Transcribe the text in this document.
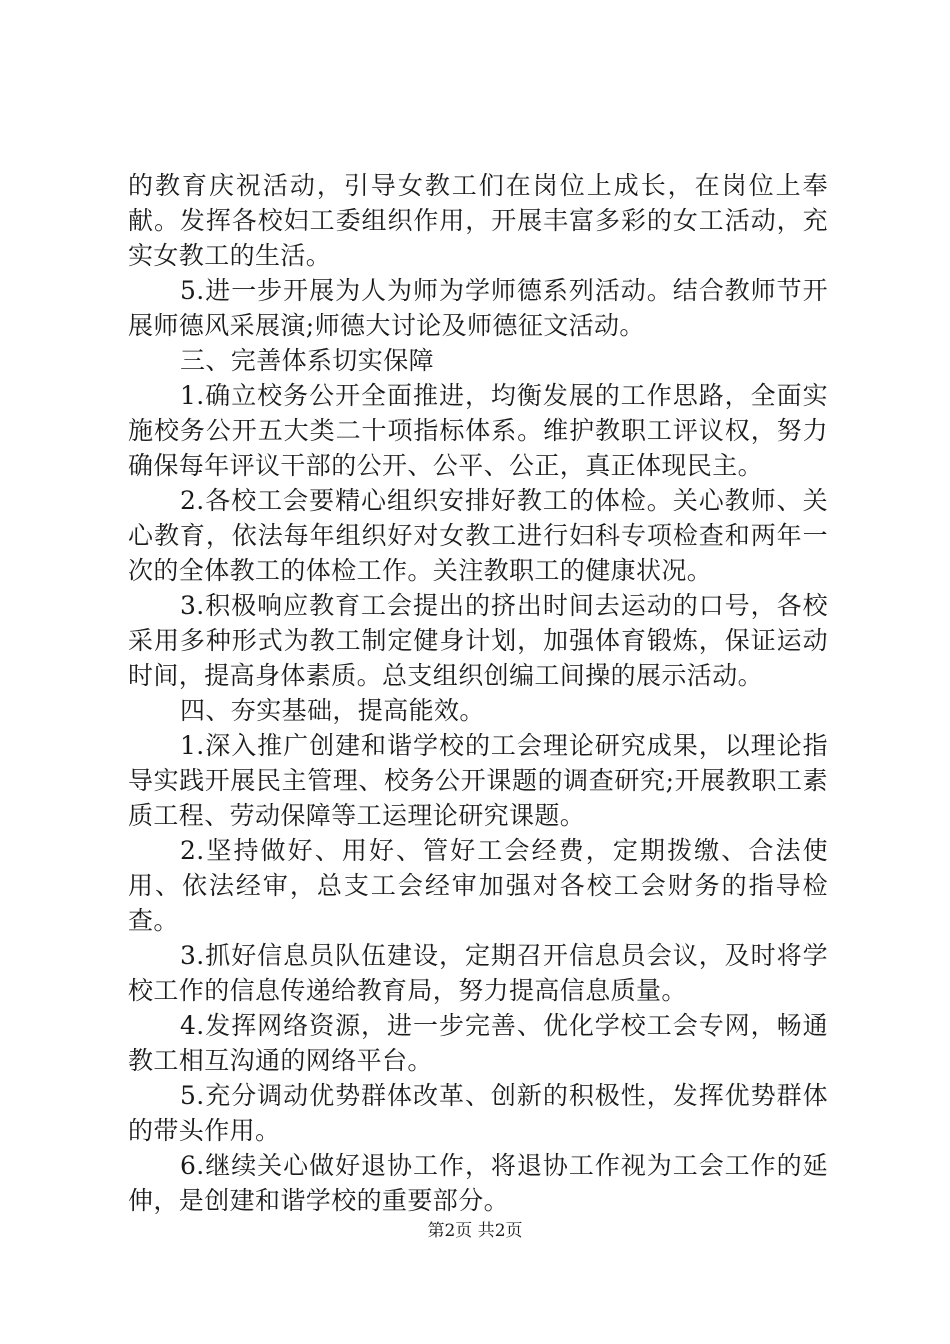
的教育庆祝活动，引导女教工们在岗位上成长，在岗位上奉献。发挥各校妇工委组织作用，开展丰富多彩的女工活动，充实女教工的生活。

5.进一步开展为人为师为学师德系列活动。结合教师节开展师德风采展演;师德大讨论及师德征文活动。

三、完善体系切实保障

1.确立校务公开全面推进，均衡发展的工作思路，全面实施校务公开五大类二十项指标体系。维护教职工评议权，努力确保每年评议干部的公开、公平、公正，真正体现民主。

2.各校工会要精心组织安排好教工的体检。关心教师、关心教育，依法每年组织好对女教工进行妇科专项检查和两年一次的全体教工的体检工作。关注教职工的健康状况。

3.积极响应教育工会提出的挤出时间去运动的口号，各校采用多种形式为教工制定健身计划，加强体育锻炼，保证运动时间，提高身体素质。总支组织创编工间操的展示活动。

四、夯实基础，提高能效。

1.深入推广创建和谐学校的工会理论研究成果，以理论指导实践开展民主管理、校务公开课题的调查研究;开展教职工素质工程、劳动保障等工运理论研究课题。

2.坚持做好、用好、管好工会经费，定期拨缴、合法使用、依法经审，总支工会经审加强对各校工会财务的指导检查。

3.抓好信息员队伍建设，定期召开信息员会议，及时将学校工作的信息传递给教育局，努力提高信息质量。

4.发挥网络资源，进一步完善、优化学校工会专网，畅通教工相互沟通的网络平台。

5.充分调动优势群体改革、创新的积极性，发挥优势群体的带头作用。

6.继续关心做好退协工作，将退协工作视为工会工作的延伸，是创建和谐学校的重要部分。

第2页 共2页
